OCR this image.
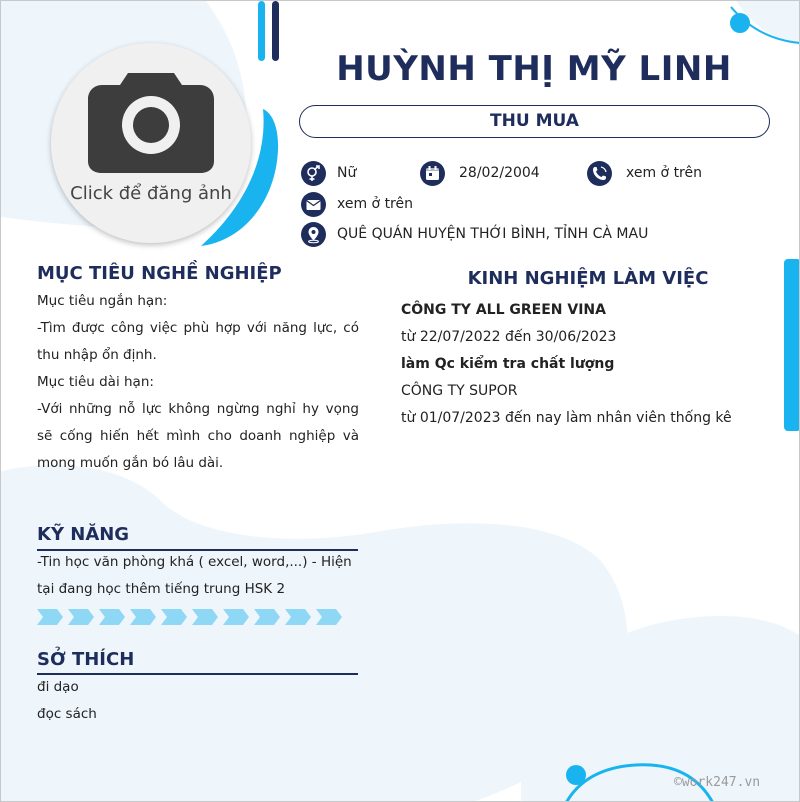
Click để đăng ảnh
HUỲNH THỊ MỸ LINH
THU MUA
Nữ	28/02/2004	xem ở trên
xem ở trên
QUÊ QUÁN HUYỆN THỚI BÌNH, TỈNH CÀ MAU
MỤC TIÊU NGHỀ NGHIỆP
Mục tiêu ngắn hạn:
-Tìm được công việc phù hợp với năng lực, có thu nhập ổn định.
Mục tiêu dài hạn:
-Với những nỗ lực không ngừng nghỉ hy vọng sẽ cống hiến hết mình cho doanh nghiệp và mong muốn gắn bó lâu dài.
KINH NGHIỆM LÀM VIỆC
CÔNG TY ALL GREEN VINA
từ 22/07/2022 đến 30/06/2023
làm Qc kiểm tra chất lượng
CÔNG TY SUPOR
từ 01/07/2023 đến nay làm nhân viên thống kê
KỸ NĂNG
-Tin học văn phòng khá ( excel, word,...) - Hiện tại đang học thêm tiếng trung HSK 2
SỞ THÍCH
đi dạo
đọc sách
©work247.vn
